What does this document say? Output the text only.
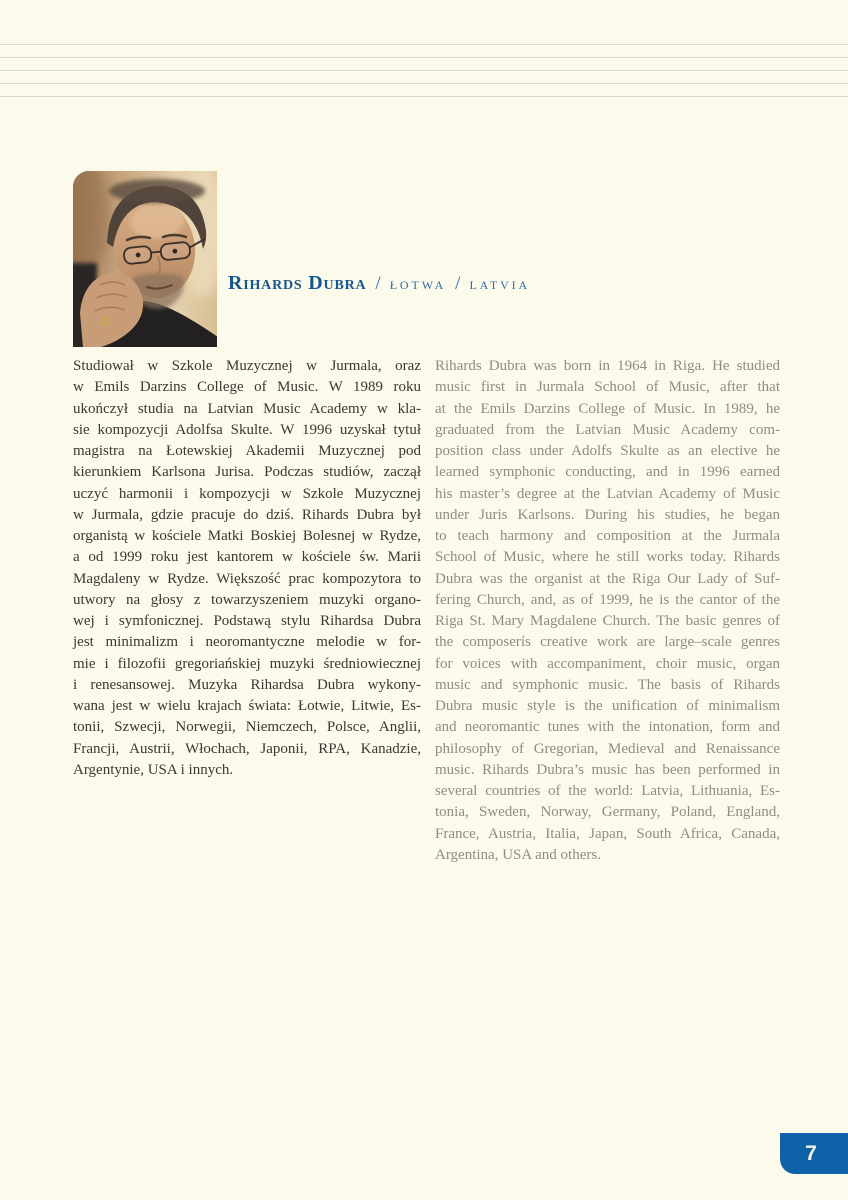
Rihards Dubra / łotwa / latvia
Studiował w Szkole Muzycznej w Jurmala, oraz
w Emils Darzins College of Music. W 1989 roku
ukończył studia na Latvian Music Academy w kla-
sie kompozycji Adolfsa Skulte. W 1996 uzyskał tytuł
magistra na Łotewskiej Akademii Muzycznej pod
kierunkiem Karlsona Jurisa. Podczas studiów, zaczął
uczyć harmonii i kompozycji w Szkole Muzycznej
w Jurmala, gdzie pracuje do dziś. Rihards Dubra był
organistą w kościele Matki Boskiej Bolesnej w Rydze,
a od 1999 roku jest kantorem w kościele św. Marii
Magdaleny w Rydze. Większość prac kompozytora to
utwory na głosy z towarzyszeniem muzyki organo-
wej i symfonicznej. Podstawą stylu Rihardsa Dubra
jest minimalizm i neoromantyczne melodie w for-
mie i filozofii gregoriańskiej muzyki średniowiecznej
i renesansowej. Muzyka Rihardsa Dubra wykony-
wana jest w wielu krajach świata: Łotwie, Litwie, Es-
tonii, Szwecji, Norwegii, Niemczech, Polsce, Anglii,
Francji, Austrii, Włochach, Japonii, RPA, Kanadzie,
Argentynie, USA i innych.
Rihards Dubra was born in 1964 in Riga. He studied
music first in Jurmala School of Music, after that
at the Emils Darzins College of Music. In 1989, he
graduated from the Latvian Music Academy com-
position class under Adolfs Skulte as an elective he
learned symphonic conducting, and in 1996 earned
his master’s degree at the Latvian Academy of Music
under Juris Karlsons. During his studies, he began
to teach harmony and composition at the Jurmala
School of Music, where he still works today. Rihards
Dubra was the organist at the Riga Our Lady of Suf-
fering Church, and, as of 1999, he is the cantor of the
Riga St. Mary Magdalene Church. The basic genres of
the composerís creative work are large–scale genres
for voices with accompaniment, choir music, organ
music and symphonic music. The basis of Rihards
Dubra music style is the unification of minimalism
and neoromantic tunes with the intonation, form and
philosophy of Gregorian, Medieval and Renaissance
music. Rihards Dubra’s music has been performed in
several countries of the world: Latvia, Lithuania, Es-
tonia, Sweden, Norway, Germany, Poland, England,
France, Austria, Italia, Japan, South Africa, Canada,
Argentina, USA and others.
7
